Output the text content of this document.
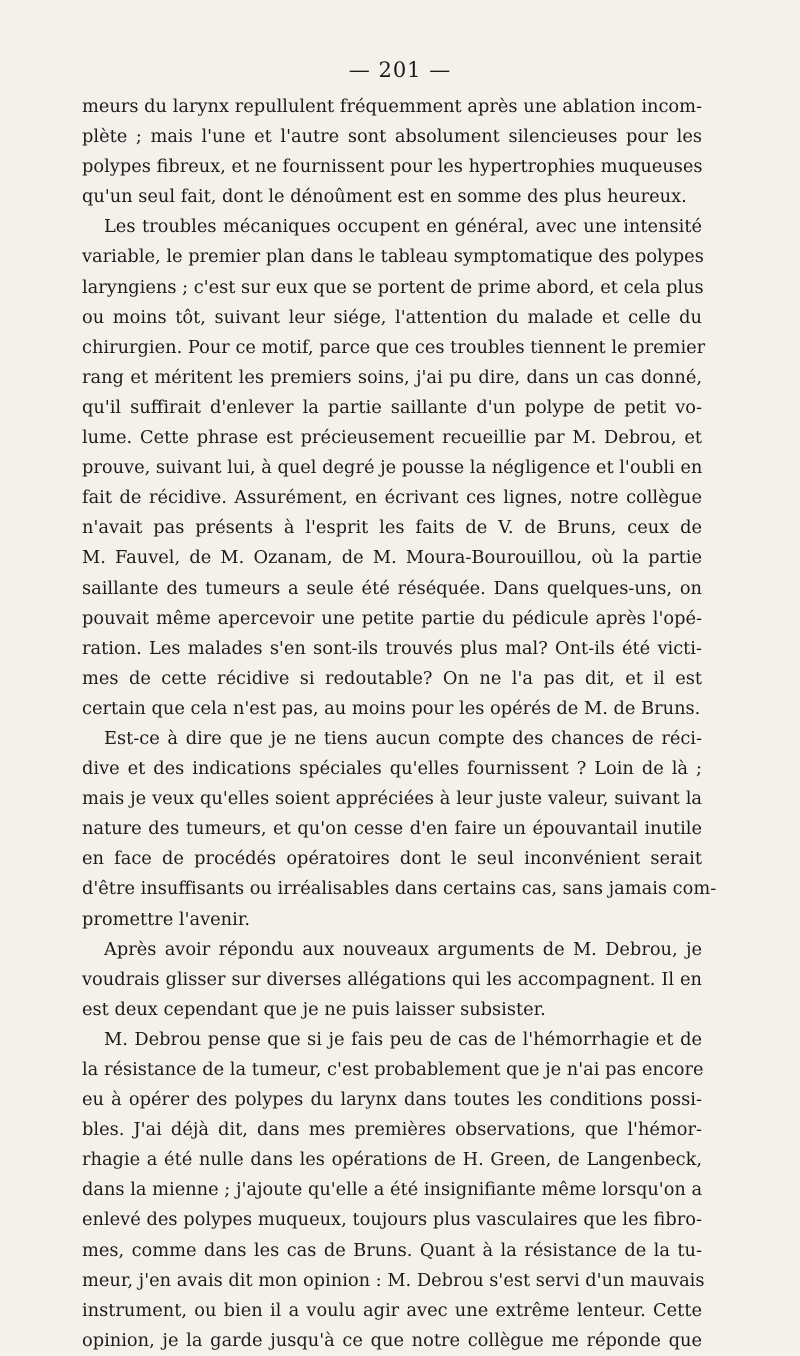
— 201 —

meurs du larynx repullulent fréquemment après une ablation incom-
plète ; mais l'une et l'autre sont absolument silencieuses pour les
polypes fibreux, et ne fournissent pour les hypertrophies muqueuses
qu'un seul fait, dont le dénoûment est en somme des plus heureux.

Les troubles mécaniques occupent en général, avec une intensité
variable, le premier plan dans le tableau symptomatique des polypes
laryngiens ; c'est sur eux que se portent de prime abord, et cela plus
ou moins tôt, suivant leur siége, l'attention du malade et celle du
chirurgien. Pour ce motif, parce que ces troubles tiennent le premier
rang et méritent les premiers soins, j'ai pu dire, dans un cas donné,
qu'il suffirait d'enlever la partie saillante d'un polype de petit vo-
lume. Cette phrase est précieusement recueillie par M. Debrou, et
prouve, suivant lui, à quel degré je pousse la négligence et l'oubli en
fait de récidive. Assurément, en écrivant ces lignes, notre collègue
n'avait pas présents à l'esprit les faits de V. de Bruns, ceux de
M. Fauvel, de M. Ozanam, de M. Moura-Bourouillou, où la partie
saillante des tumeurs a seule été réséquée. Dans quelques-uns, on
pouvait même apercevoir une petite partie du pédicule après l'opé-
ration. Les malades s'en sont-ils trouvés plus mal? Ont-ils été victi-
mes de cette récidive si redoutable? On ne l'a pas dit, et il est
certain que cela n'est pas, au moins pour les opérés de M. de Bruns.

Est-ce à dire que je ne tiens aucun compte des chances de réci-
dive et des indications spéciales qu'elles fournissent ? Loin de là ;
mais je veux qu'elles soient appréciées à leur juste valeur, suivant la
nature des tumeurs, et qu'on cesse d'en faire un épouvantail inutile
en face de procédés opératoires dont le seul inconvénient serait
d'être insuffisants ou irréalisables dans certains cas, sans jamais com-
promettre l'avenir.

Après avoir répondu aux nouveaux arguments de M. Debrou, je
voudrais glisser sur diverses allégations qui les accompagnent. Il en
est deux cependant que je ne puis laisser subsister.

M. Debrou pense que si je fais peu de cas de l'hémorrhagie et de
la résistance de la tumeur, c'est probablement que je n'ai pas encore
eu à opérer des polypes du larynx dans toutes les conditions possi-
bles. J'ai déjà dit, dans mes premières observations, que l'hémor-
rhagie a été nulle dans les opérations de H. Green, de Langenbeck,
dans la mienne ; j'ajoute qu'elle a été insignifiante même lorsqu'on a
enlevé des polypes muqueux, toujours plus vasculaires que les fibro-
mes, comme dans les cas de Bruns. Quant à la résistance de la tu-
meur, j'en avais dit mon opinion : M. Debrou s'est servi d'un mauvais
instrument, ou bien il a voulu agir avec une extrême lenteur. Cette
opinion, je la garde jusqu'à ce que notre collègue me réponde que
